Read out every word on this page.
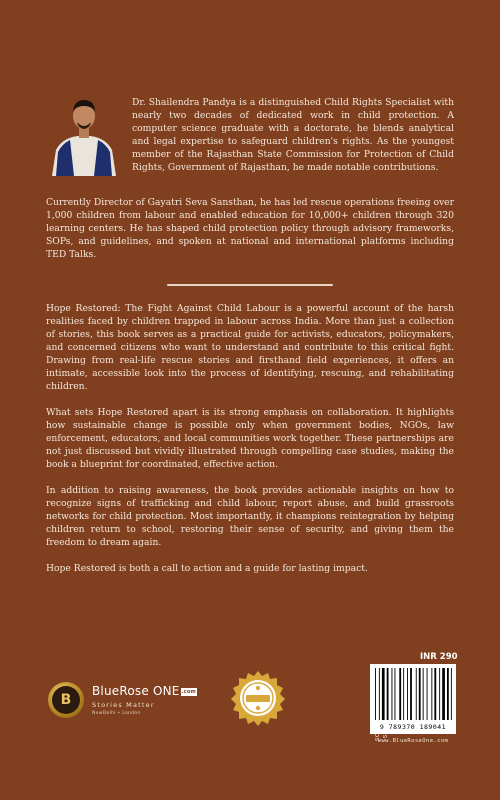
Dr. Shailendra Pandya is a distinguished Child Rights Specialist with nearly two decades of dedicated work in child protection. A computer science graduate with a doctorate, he blends analytical and legal expertise to safeguard children's rights. As the youngest member of the Rajasthan State Commission for Protection of Child Rights, Government of Rajasthan, he made notable contributions.
Currently Director of Gayatri Seva Sansthan, he has led rescue operations freeing over 1,000 children from labour and enabled education for 10,000+ children through 320 learning centers. He has shaped child protection policy through advisory frameworks, SOPs, and guidelines, and spoken at national and international platforms including TED Talks.

Hope Restored: The Fight Against Child Labour is a powerful account of the harsh realities faced by children trapped in labour across India. More than just a collection of stories, this book serves as a practical guide for activists, educators, policymakers, and concerned citizens who want to understand and contribute to this critical fight. Drawing from real-life rescue stories and firsthand field experiences, it offers an intimate, accessible look into the process of identifying, rescuing, and rehabilitating children.

What sets Hope Restored apart is its strong emphasis on collaboration. It highlights how sustainable change is possible only when government bodies, NGOs, law enforcement, educators, and local communities work together. These partnerships are not just discussed but vividly illustrated through compelling case studies, making the book a blueprint for coordinated, effective action.

In addition to raising awareness, the book provides actionable insights on how to recognize signs of trafficking and child labour, report abuse, and build grassroots networks for child protection. Most importantly, it champions reintegration by helping children return to school, restoring their sense of security, and giving them the freedom to dream again.

Hope Restored is both a call to action and a guide for lasting impact.

B
BlueRose ONE .com
Stories Matter
NewDelhi • London
INR 290
9 789370 189041
www.BlueRoseOne.com
